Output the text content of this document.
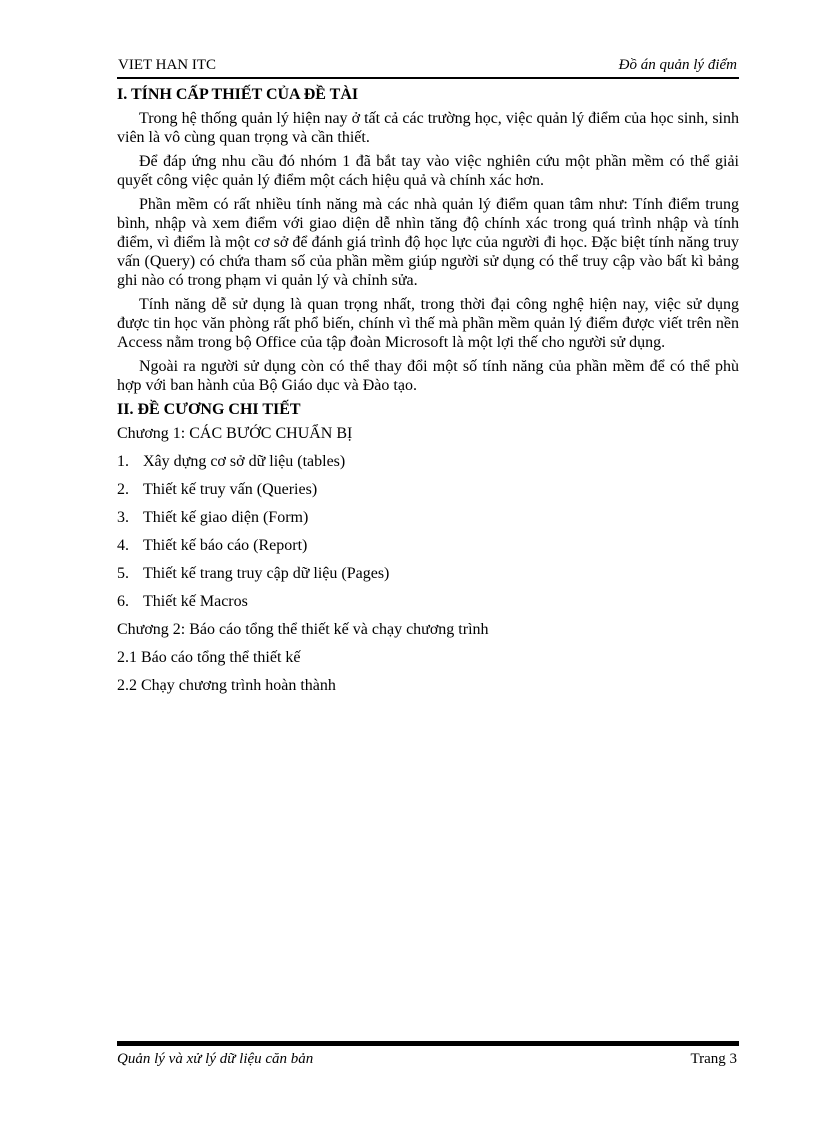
VIET HAN ITC	Đồ án quản lý điểm
I. TÍNH CẤP THIẾT CỦA ĐỀ TÀI

Trong hệ thống quản lý hiện nay ở tất cả các trường học, việc quản lý điểm của học sinh, sinh viên là vô cùng quan trọng và cần thiết.

Để đáp ứng nhu cầu đó nhóm 1 đã bắt tay vào việc nghiên cứu một phần mềm có thể giải quyết công việc quản lý điểm một cách hiệu quả và chính xác hơn.

Phần mềm có rất nhiều tính năng mà các nhà quản lý điểm quan tâm như: Tính điểm trung bình, nhập và xem điểm với giao diện dễ nhìn tăng độ chính xác trong quá trình nhập và tính điểm, vì điểm là một cơ sở để đánh giá trình độ học lực của người đi học. Đặc biệt tính năng truy vấn (Query) có chứa tham số của phần mềm giúp người sử dụng có thể truy cập vào bất kì bảng ghi nào có trong phạm vi quản lý và chỉnh sửa.

Tính năng dễ sử dụng là quan trọng nhất, trong thời đại công nghệ hiện nay, việc sử dụng được tin học văn phòng rất phổ biến, chính vì thế mà phần mềm quản lý điểm được viết trên nền Access nằm trong bộ Office của tập đoàn Microsoft là một lợi thế cho người sử dụng.

Ngoài ra người sử dụng còn có thể thay đổi một số tính năng của phần mềm để có thể phù hợp với ban hành của Bộ Giáo dục và Đào tạo.

II. ĐỀ CƯƠNG CHI TIẾT
Chương 1: CÁC BƯỚC CHUẨN BỊ
1. Xây dựng cơ sở dữ liệu (tables)
2. Thiết kế truy vấn (Queries)
3. Thiết kế giao diện (Form)
4. Thiết kế báo cáo (Report)
5. Thiết kế trang truy cập dữ liệu (Pages)
6. Thiết kế Macros
Chương 2: Báo cáo tổng thể thiết kế và chạy chương trình
2.1 Báo cáo tổng thể thiết kế
2.2 Chạy chương trình hoàn thành
Quản lý và xử lý dữ liệu căn bản	Trang 3
